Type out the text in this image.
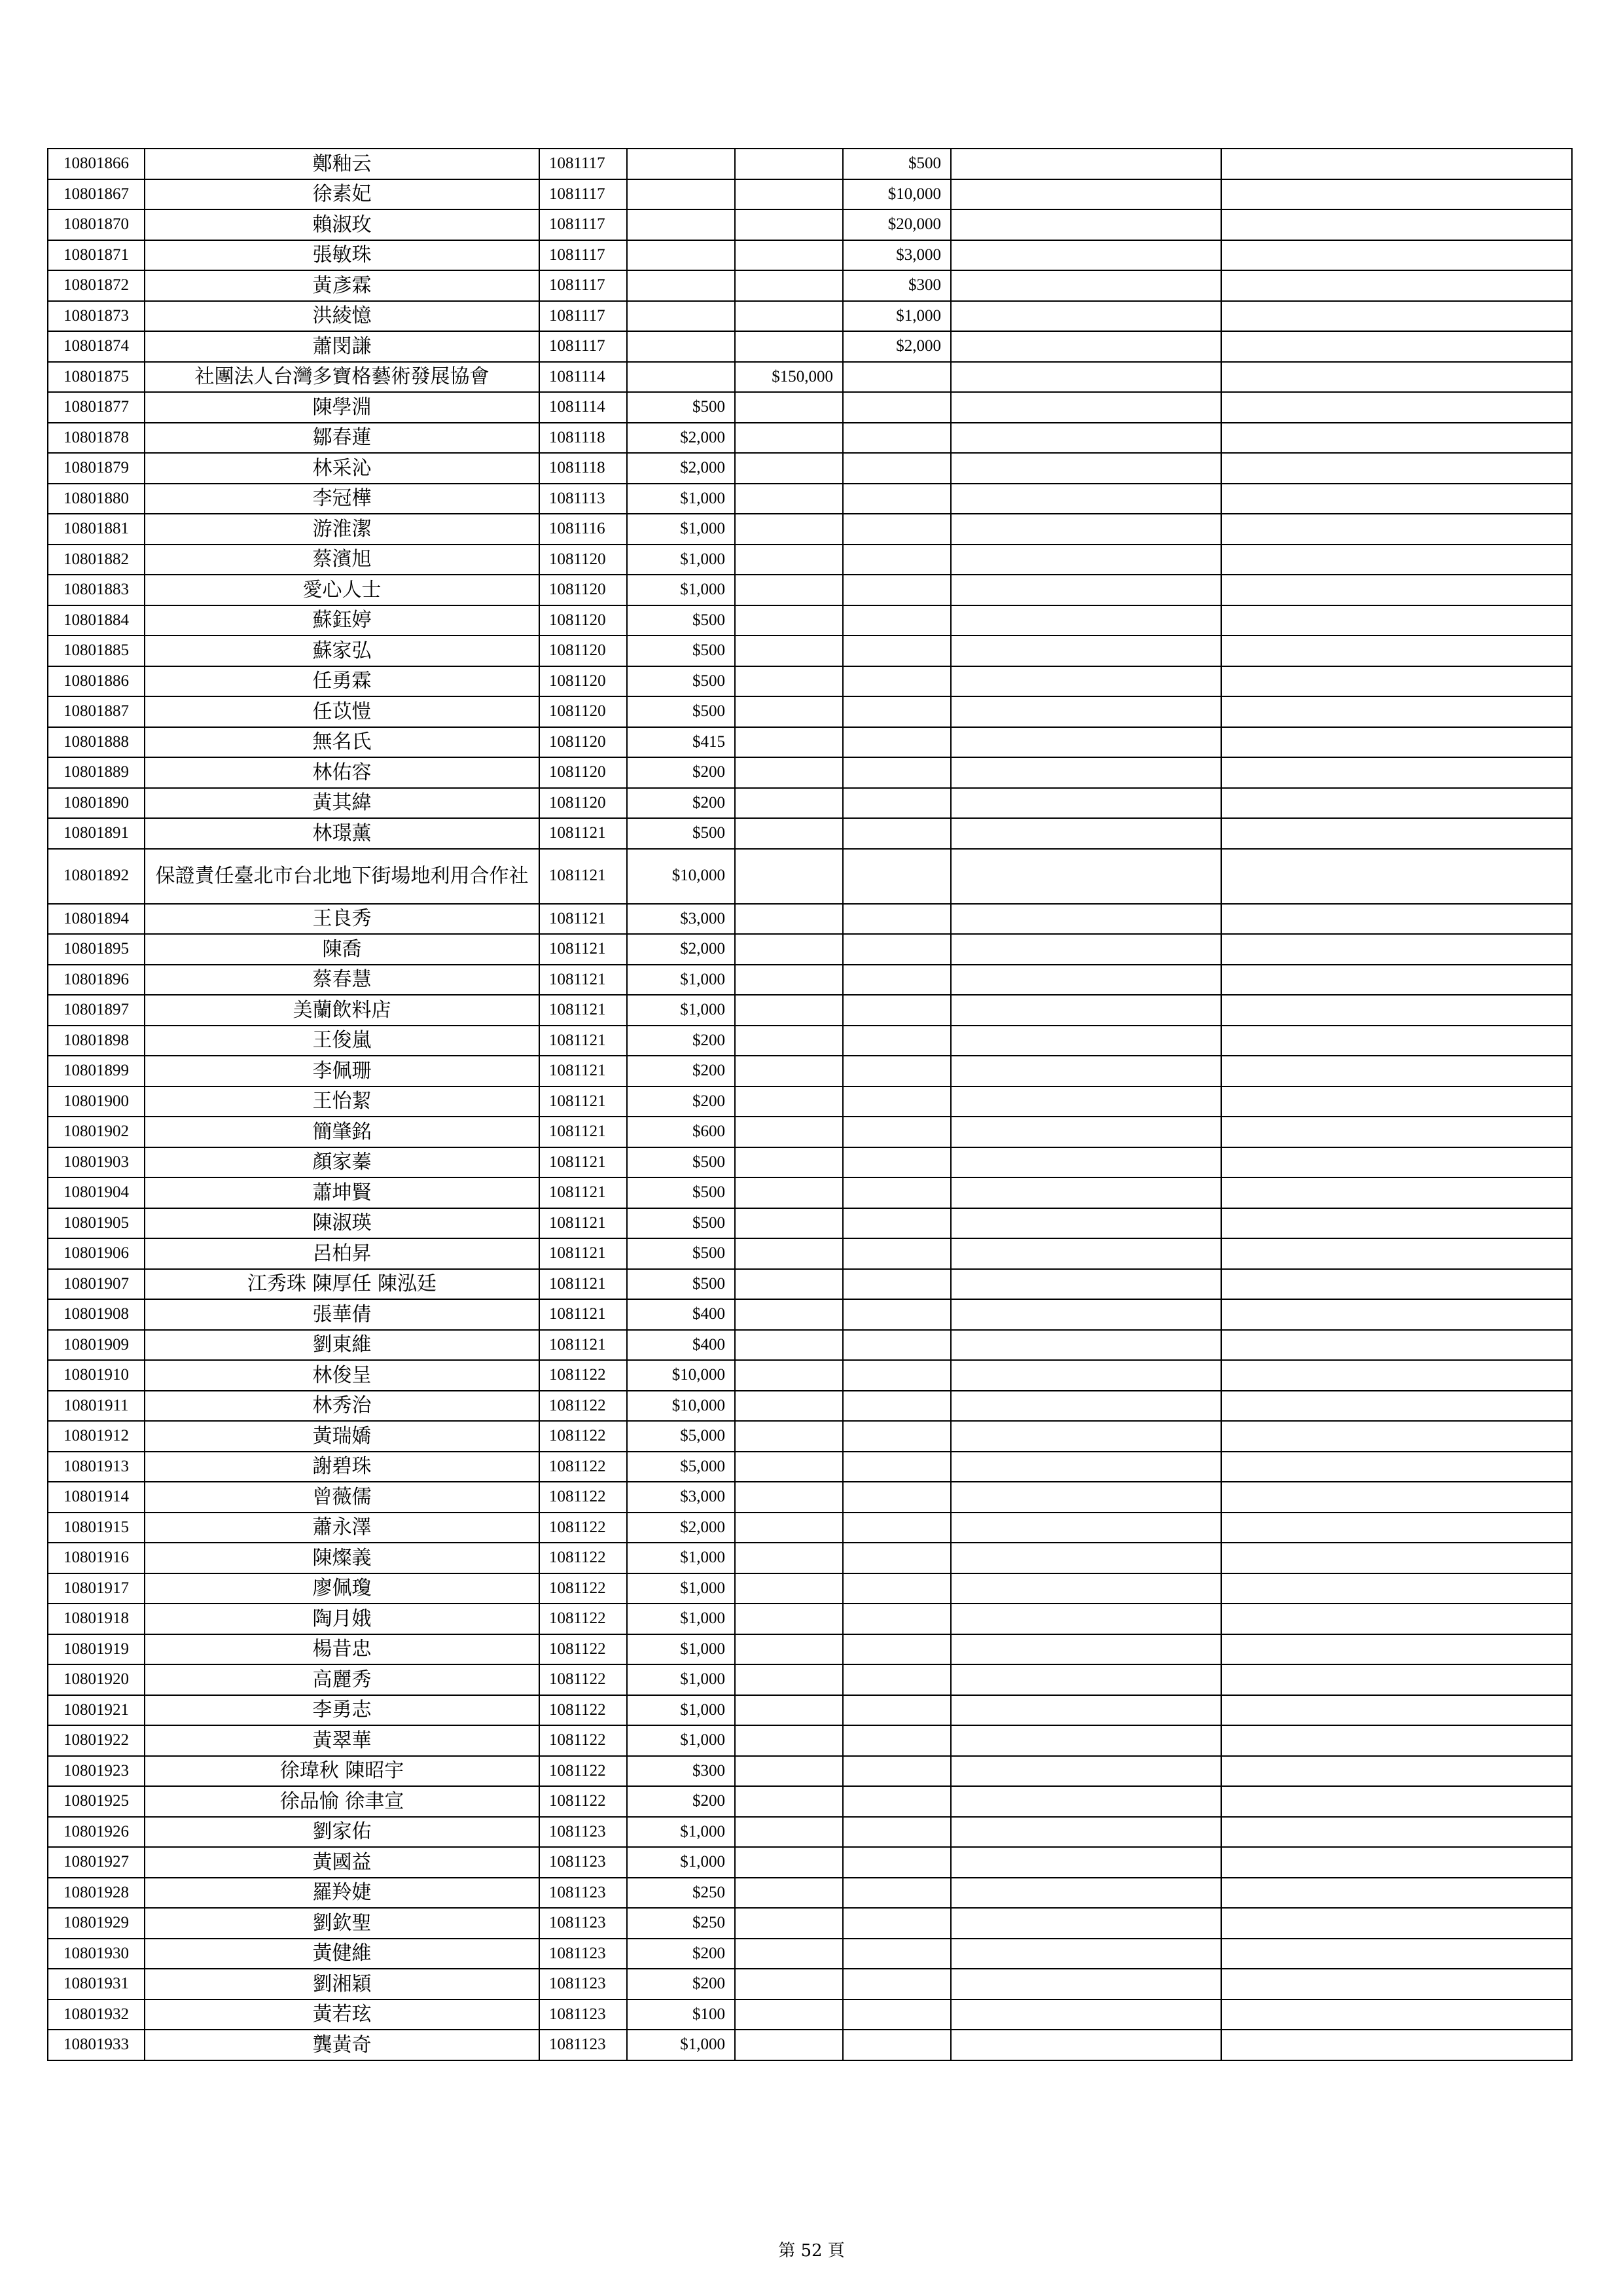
10801866	鄭釉云	1081117			$500		
10801867	徐素妃	1081117			$10,000		
10801870	賴淑玫	1081117			$20,000		
10801871	張敏珠	1081117			$3,000		
10801872	黃彥霖	1081117			$300		
10801873	洪綾憶	1081117			$1,000		
10801874	蕭閔謙	1081117			$2,000		
10801875	社團法人台灣多寶格藝術發展協會	1081114		$150,000			
10801877	陳學淵	1081114	$500				
10801878	鄒春蓮	1081118	$2,000				
10801879	林采沁	1081118	$2,000				
10801880	李冠樺	1081113	$1,000				
10801881	游淮潔	1081116	$1,000				
10801882	蔡濱旭	1081120	$1,000				
10801883	愛心人士	1081120	$1,000				
10801884	蘇鈺婷	1081120	$500				
10801885	蘇家弘	1081120	$500				
10801886	任勇霖	1081120	$500				
10801887	任苡愷	1081120	$500				
10801888	無名氏	1081120	$415				
10801889	林佑容	1081120	$200				
10801890	黃其緯	1081120	$200				
10801891	林璟薰	1081121	$500				
10801892	保證責任臺北市台北地下街場地利用合作社	1081121	$10,000				
10801894	王良秀	1081121	$3,000				
10801895	陳喬	1081121	$2,000				
10801896	蔡春慧	1081121	$1,000				
10801897	美蘭飲料店	1081121	$1,000				
10801898	王俊嵐	1081121	$200				
10801899	李佩珊	1081121	$200				
10801900	王怡絜	1081121	$200				
10801902	簡肇銘	1081121	$600				
10801903	顏家蓁	1081121	$500				
10801904	蕭坤賢	1081121	$500				
10801905	陳淑瑛	1081121	$500				
10801906	呂柏昇	1081121	$500				
10801907	江秀珠 陳厚任 陳泓廷	1081121	$500				
10801908	張華倩	1081121	$400				
10801909	劉東維	1081121	$400				
10801910	林俊呈	1081122	$10,000				
10801911	林秀治	1081122	$10,000				
10801912	黃瑞嬌	1081122	$5,000				
10801913	謝碧珠	1081122	$5,000				
10801914	曾薇儒	1081122	$3,000				
10801915	蕭永澤	1081122	$2,000				
10801916	陳燦義	1081122	$1,000				
10801917	廖佩瓊	1081122	$1,000				
10801918	陶月娥	1081122	$1,000				
10801919	楊昔忠	1081122	$1,000				
10801920	高麗秀	1081122	$1,000				
10801921	李勇志	1081122	$1,000				
10801922	黃翠華	1081122	$1,000				
10801923	徐瑋秋 陳昭宇	1081122	$300				
10801925	徐品愉 徐聿宣	1081122	$200				
10801926	劉家佑	1081123	$1,000				
10801927	黃國益	1081123	$1,000				
10801928	羅羚婕	1081123	$250				
10801929	劉欽聖	1081123	$250				
10801930	黃健維	1081123	$200				
10801931	劉湘穎	1081123	$200				
10801932	黃若玹	1081123	$100				
10801933	龔黃奇	1081123	$1,000				
第 52 頁
